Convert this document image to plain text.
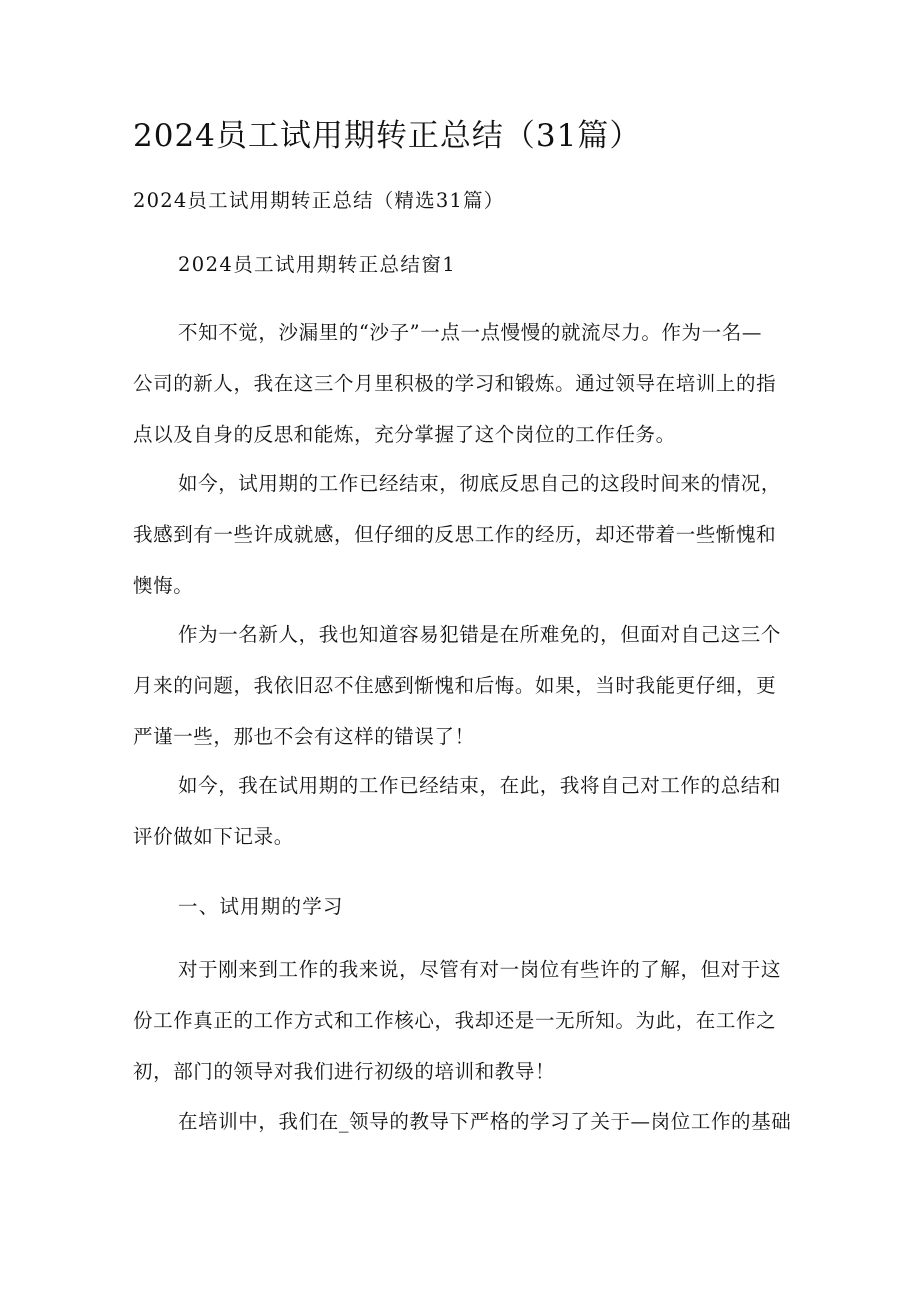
2024员工试用期转正总结（31篇）

2024员工试用期转正总结（精选31篇）

2024员工试用期转正总结窗1

不知不觉，沙漏里的“沙子”一点一点慢慢的就流尽力。作为一名—
公司的新人，我在这三个月里积极的学习和锻炼。通过领导在培训上的指
点以及自身的反思和能炼，充分掌握了这个岗位的工作任务。
如今，试用期的工作已经结束，彻底反思自己的这段时间来的情况，
我感到有一些许成就感，但仔细的反思工作的经历，却还带着一些惭愧和
懊悔。
作为一名新人，我也知道容易犯错是在所难免的，但面对自己这三个
月来的问题，我依旧忍不住感到惭愧和后悔。如果，当时我能更仔细，更
严谨一些，那也不会有这样的错误了！
如今，我在试用期的工作已经结束，在此，我将自己对工作的总结和
评价做如下记录。

一、试用期的学习

对于刚来到工作的我来说，尽管有对一岗位有些许的了解，但对于这
份工作真正的工作方式和工作核心，我却还是一无所知。为此，在工作之
初，部门的领导对我们进行初级的培训和教导！
在培训中，我们在_领导的教导下严格的学习了关于—岗位工作的基础
